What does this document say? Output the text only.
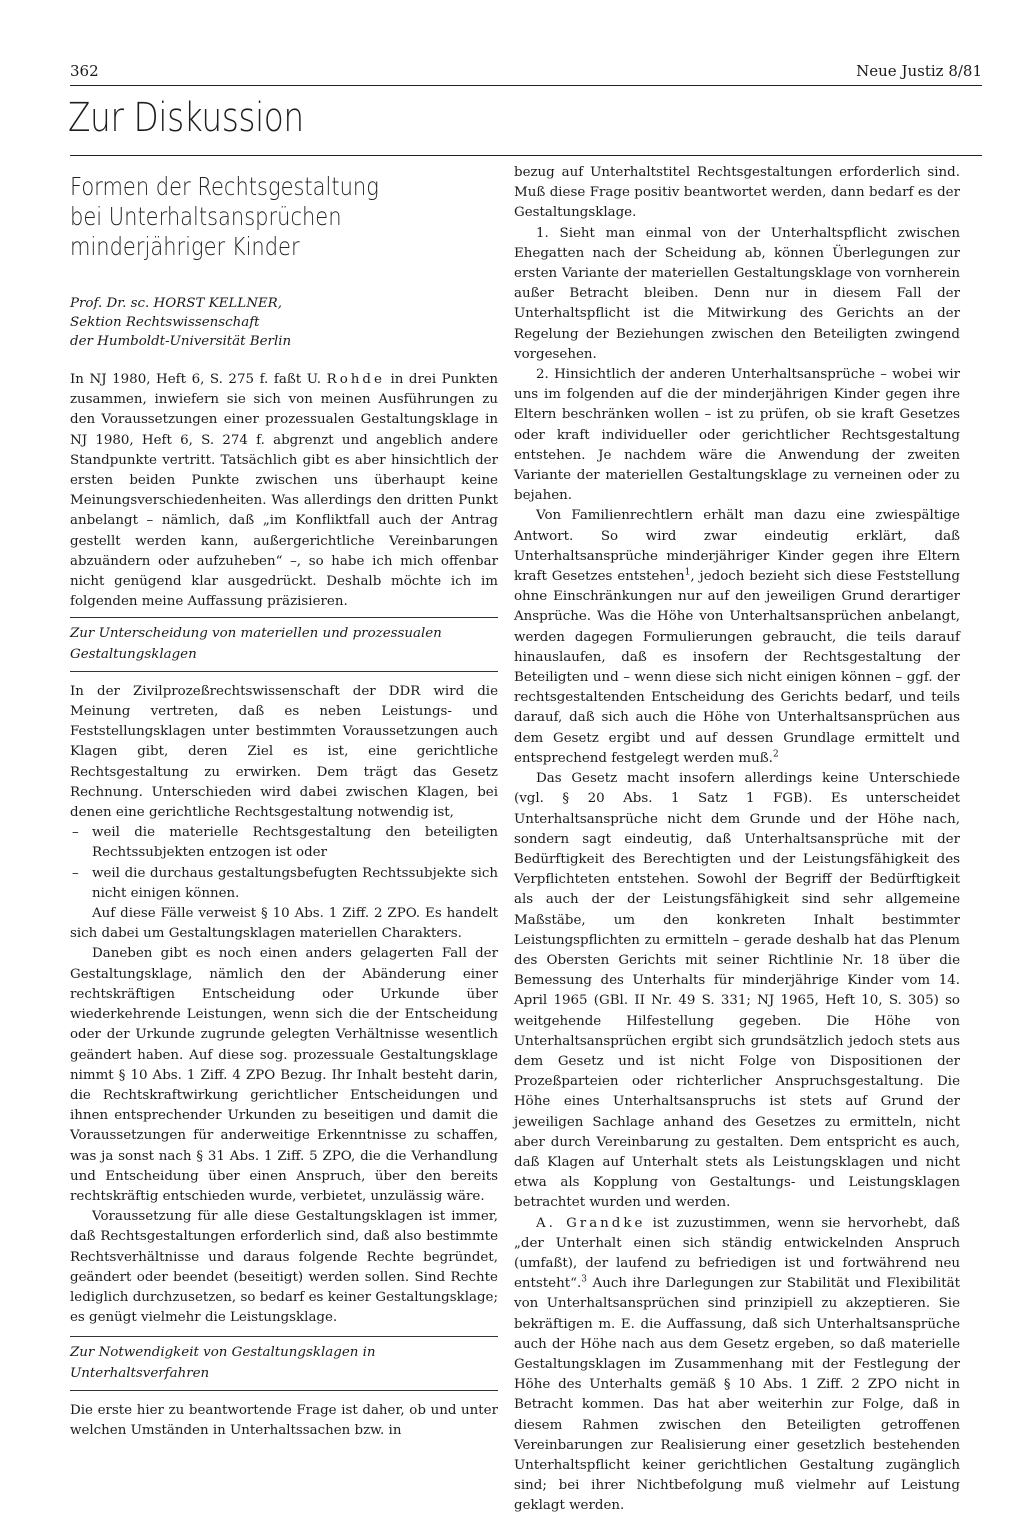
362	Neue Justiz 8/81
Zur Diskussion
Formen der Rechtsgestaltung
bei Unterhaltsansprüchen
minderjähriger Kinder
Prof. Dr. sc. HORST KELLNER,
Sektion Rechtswissenschaft
der Humboldt-Universität Berlin

In NJ 1980, Heft 6, S. 275 f. faßt U. Rohde in drei Punkten zusammen, inwiefern sie sich von meinen Ausführungen zu den Voraussetzungen einer prozessualen Gestaltungsklage in NJ 1980, Heft 6, S. 274 f. abgrenzt und angeblich andere Standpunkte vertritt. Tatsächlich gibt es aber hinsichtlich der ersten beiden Punkte zwischen uns überhaupt keine Meinungsverschiedenheiten. Was allerdings den dritten Punkt anbelangt – nämlich, daß „im Konfliktfall auch der Antrag gestellt werden kann, außergerichtliche Vereinbarungen abzuändern oder aufzuheben“ –, so habe ich mich offenbar nicht genügend klar ausgedrückt. Deshalb möchte ich im folgenden meine Auffassung präzisieren.

Zur Unterscheidung von materiellen und prozessualen Gestaltungsklagen

In der Zivilprozeßrechtswissenschaft der DDR wird die Meinung vertreten, daß es neben Leistungs- und Feststellungsklagen unter bestimmten Voraussetzungen auch Klagen gibt, deren Ziel es ist, eine gerichtliche Rechtsgestaltung zu erwirken. Dem trägt das Gesetz Rechnung. Unterschieden wird dabei zwischen Klagen, bei denen eine gerichtliche Rechtsgestaltung notwendig ist,

– weil die materielle Rechtsgestaltung den beteiligten Rechtssubjekten entzogen ist oder
– weil die durchaus gestaltungsbefugten Rechtssubjekte sich nicht einigen können.

Auf diese Fälle verweist § 10 Abs. 1 Ziff. 2 ZPO. Es handelt sich dabei um Gestaltungsklagen materiellen Charakters.

Daneben gibt es noch einen anders gelagerten Fall der Gestaltungsklage, nämlich den der Abänderung einer rechtskräftigen Entscheidung oder Urkunde über wiederkehrende Leistungen, wenn sich die der Entscheidung oder der Urkunde zugrunde gelegten Verhältnisse wesentlich geändert haben. Auf diese sog. prozessuale Gestaltungsklage nimmt § 10 Abs. 1 Ziff. 4 ZPO Bezug. Ihr Inhalt besteht darin, die Rechtskraftwirkung gerichtlicher Entscheidungen und ihnen entsprechender Urkunden zu beseitigen und damit die Voraussetzungen für anderweitige Erkenntnisse zu schaffen, was ja sonst nach § 31 Abs. 1 Ziff. 5 ZPO, die die Verhandlung und Entscheidung über einen Anspruch, über den bereits rechtskräftig entschieden wurde, verbietet, unzulässig wäre.

Voraussetzung für alle diese Gestaltungsklagen ist immer, daß Rechtsgestaltungen erforderlich sind, daß also bestimmte Rechtsverhältnisse und daraus folgende Rechte begründet, geändert oder beendet (beseitigt) werden sollen. Sind Rechte lediglich durchzusetzen, so bedarf es keiner Gestaltungsklage; es genügt vielmehr die Leistungsklage.

Zur Notwendigkeit von Gestaltungsklagen in Unterhaltsverfahren

Die erste hier zu beantwortende Frage ist daher, ob und unter welchen Umständen in Unterhaltssachen bzw. in

bezug auf Unterhaltstitel Rechtsgestaltungen erforderlich sind. Muß diese Frage positiv beantwortet werden, dann bedarf es der Gestaltungsklage.

1. Sieht man einmal von der Unterhaltspflicht zwischen Ehegatten nach der Scheidung ab, können Überlegungen zur ersten Variante der materiellen Gestaltungsklage von vornherein außer Betracht bleiben. Denn nur in diesem Fall der Unterhaltspflicht ist die Mitwirkung des Gerichts an der Regelung der Beziehungen zwischen den Beteiligten zwingend vorgesehen.

2. Hinsichtlich der anderen Unterhaltsansprüche – wobei wir uns im folgenden auf die der minderjährigen Kinder gegen ihre Eltern beschränken wollen – ist zu prüfen, ob sie kraft Gesetzes oder kraft individueller oder gerichtlicher Rechtsgestaltung entstehen. Je nachdem wäre die Anwendung der zweiten Variante der materiellen Gestaltungsklage zu verneinen oder zu bejahen.

Von Familienrechtlern erhält man dazu eine zwiespältige Antwort. So wird zwar eindeutig erklärt, daß Unterhaltsansprüche minderjähriger Kinder gegen ihre Eltern kraft Gesetzes entstehen$^1$, jedoch bezieht sich diese Feststellung ohne Einschränkungen nur auf den jeweiligen Grund derartiger Ansprüche. Was die Höhe von Unterhaltsansprüchen anbelangt, werden dagegen Formulierungen gebraucht, die teils darauf hinauslaufen, daß es insofern der Rechtsgestaltung der Beteiligten und – wenn diese sich nicht einigen können – ggf. der rechtsgestaltenden Entscheidung des Gerichts bedarf, und teils darauf, daß sich auch die Höhe von Unterhaltsansprüchen aus dem Gesetz ergibt und auf dessen Grundlage ermittelt und entsprechend festgelegt werden muß.$^2$

Das Gesetz macht insofern allerdings keine Unterschiede (vgl. § 20 Abs. 1 Satz 1 FGB). Es unterscheidet Unterhaltsansprüche nicht dem Grunde und der Höhe nach, sondern sagt eindeutig, daß Unterhaltsansprüche mit der Bedürftigkeit des Berechtigten und der Leistungsfähigkeit des Verpflichteten entstehen. Sowohl der Begriff der Bedürftigkeit als auch der der Leistungsfähigkeit sind sehr allgemeine Maßstäbe, um den konkreten Inhalt bestimmter Leistungspflichten zu ermitteln – gerade deshalb hat das Plenum des Obersten Gerichts mit seiner Richtlinie Nr. 18 über die Bemessung des Unterhalts für minderjährige Kinder vom 14. April 1965 (GBl. II Nr. 49 S. 331; NJ 1965, Heft 10, S. 305) so weitgehende Hilfestellung gegeben. Die Höhe von Unterhaltsansprüchen ergibt sich grundsätzlich jedoch stets aus dem Gesetz und ist nicht Folge von Dispositionen der Prozeßparteien oder richterlicher Anspruchsgestaltung. Die Höhe eines Unterhaltsanspruchs ist stets auf Grund der jeweiligen Sachlage anhand des Gesetzes zu ermitteln, nicht aber durch Vereinbarung zu gestalten. Dem entspricht es auch, daß Klagen auf Unterhalt stets als Leistungsklagen und nicht etwa als Kopplung von Gestaltungs- und Leistungsklagen betrachtet wurden und werden.

A. Grandke ist zuzustimmen, wenn sie hervorhebt, daß „der Unterhalt einen sich ständig entwickelnden Anspruch (umfaßt), der laufend zu befriedigen ist und fortwährend neu entsteht“.$^3$ Auch ihre Darlegungen zur Stabilität und Flexibilität von Unterhaltsansprüchen sind prinzipiell zu akzeptieren. Sie bekräftigen m. E. die Auffassung, daß sich Unterhaltsansprüche auch der Höhe nach aus dem Gesetz ergeben, so daß materielle Gestaltungsklagen im Zusammenhang mit der Festlegung der Höhe des Unterhalts gemäß § 10 Abs. 1 Ziff. 2 ZPO nicht in Betracht kommen. Das hat aber weiterhin zur Folge, daß in diesem Rahmen zwischen den Beteiligten getroffenen Vereinbarungen zur Realisierung einer gesetzlich bestehenden Unterhaltspflicht keiner gerichtlichen Gestaltung zugänglich sind; bei ihrer Nichtbefolgung muß vielmehr auf Leistung geklagt werden.
